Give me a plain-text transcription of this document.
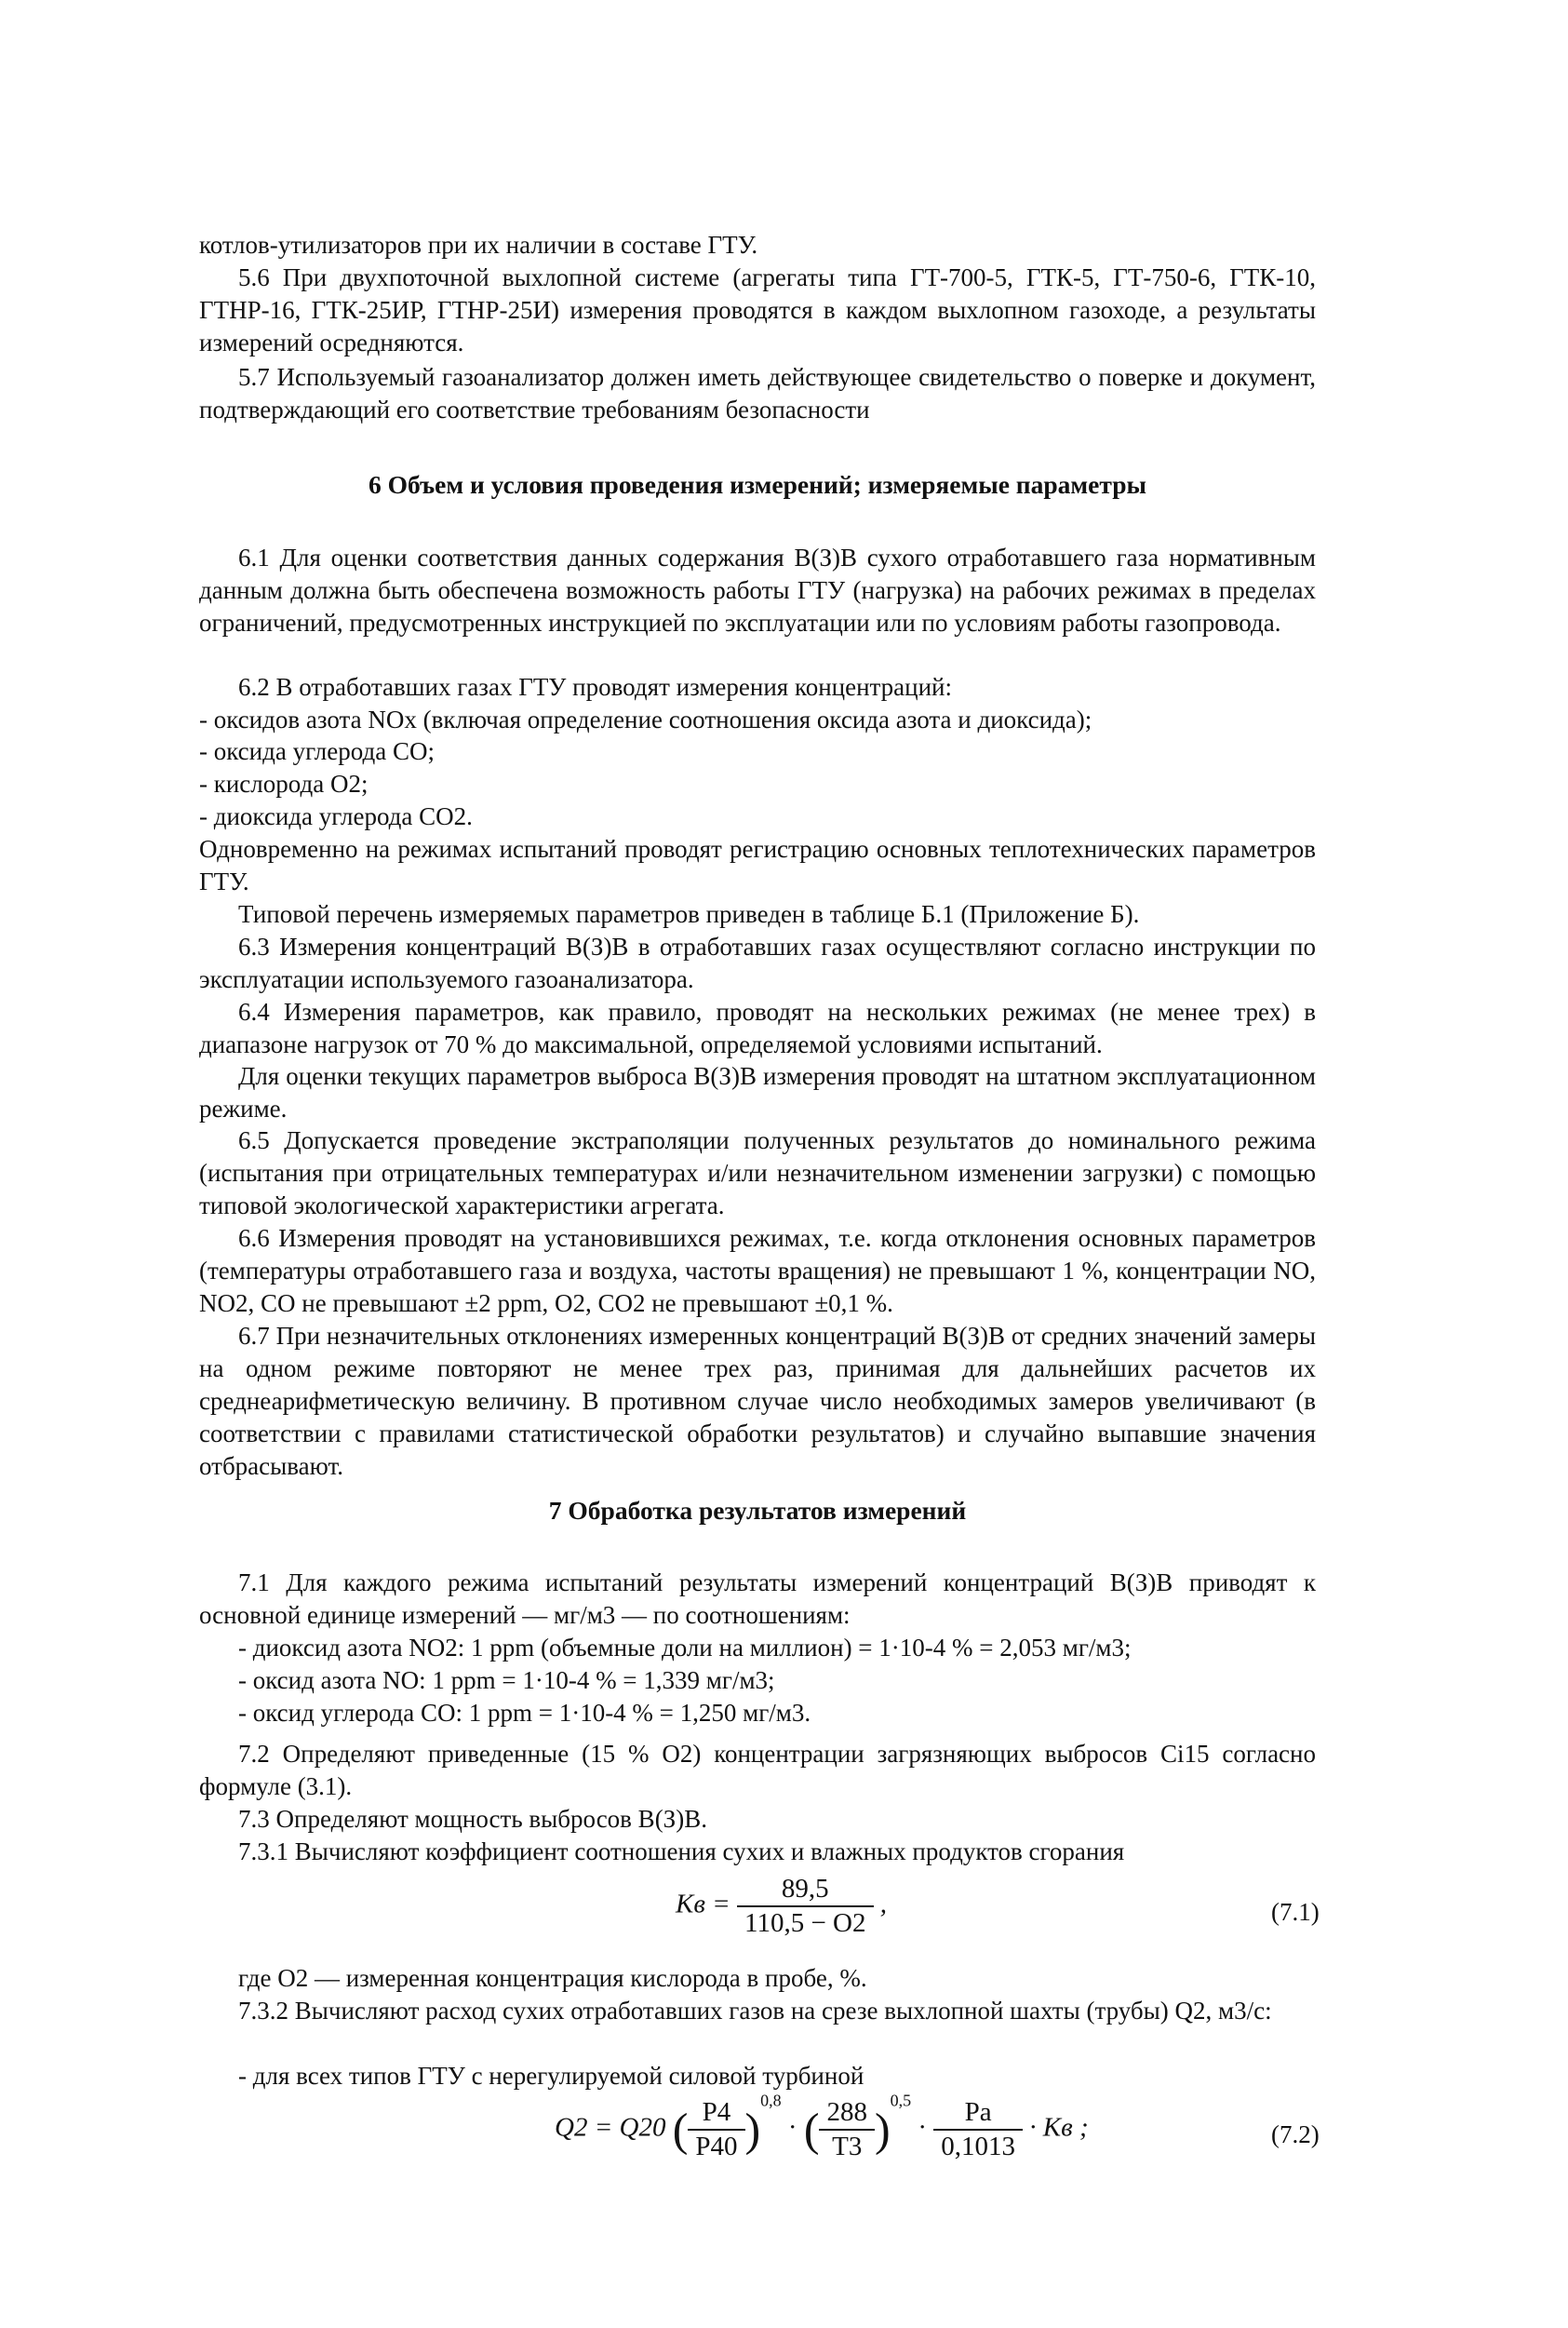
котлов-утилизаторов при их наличии в составе ГТУ.

5.6 При двухпоточной выхлопной системе (агрегаты типа ГТ-700-5, ГТК-5, ГТ-750-6, ГТК-10, ГТНР-16, ГТК-25ИР, ГТНР-25И) измерения проводятся в каждом выхлопном газоходе, а результаты измерений осредняются.

5.7 Используемый газоанализатор должен иметь действующее свидетельство о поверке и документ, подтверждающий его соответствие требованиям безопасности

6 Объем и условия проведения измерений; измеряемые параметры

6.1 Для оценки соответствия данных содержания В(З)В сухого отработавшего газа нормативным данным должна быть обеспечена возможность работы ГТУ (нагрузка) на рабочих режимах в пределах ограничений, предусмотренных инструкцией по эксплуатации или по условиям работы газопровода.

6.2 В отработавших газах ГТУ проводят измерения концентраций:

- оксидов азота NOx (включая определение соотношения оксида азота и диоксида);

- оксида углерода CO;

- кислорода O2;

- диоксида углерода CO2.

Одновременно на режимах испытаний проводят регистрацию основных теплотехнических параметров ГТУ.

Типовой перечень измеряемых параметров приведен в таблице Б.1 (Приложение Б).

6.3 Измерения концентраций В(З)В в отработавших газах осуществляют согласно инструкции по эксплуатации используемого газоанализатора.

6.4 Измерения параметров, как правило, проводят на нескольких режимах (не менее трех) в диапазоне нагрузок от 70 % до максимальной, определяемой условиями испытаний.

Для оценки текущих параметров выброса В(З)В измерения проводят на штатном эксплуатационном режиме.

6.5 Допускается проведение экстраполяции полученных результатов до номинального режима (испытания при отрицательных температурах и/или незначительном изменении загрузки) с помощью типовой экологической характеристики агрегата.

6.6 Измерения проводят на установившихся режимах, т.е. когда отклонения основных параметров (температуры отработавшего газа и воздуха, частоты вращения) не превышают 1 %, концентрации NO, NO2, CO не превышают ±2 ppm, O2, CO2 не превышают ±0,1 %.

6.7 При незначительных отклонениях измеренных концентраций В(З)В от средних значений замеры на одном режиме повторяют не менее трех раз, принимая для дальнейших расчетов их среднеарифметическую величину. В противном случае число необходимых замеров увеличивают (в соответствии с правилами статистической обработки результатов) и случайно выпавшие значения отбрасывают.

7 Обработка результатов измерений

7.1 Для каждого режима испытаний результаты измерений концентраций В(З)В приводят к основной единице измерений — мг/м3 — по соотношениям:

- диоксид азота NO2: 1 ppm (объемные доли на миллион) = 1·10-4 % = 2,053 мг/м3;

- оксид азота NO: 1 ppm = 1·10-4 % = 1,339 мг/м3;

- оксид углерода CO: 1 ppm = 1·10-4 % = 1,250 мг/м3.

7.2 Определяют приведенные (15 % O2) концентрации загрязняющих выбросов Ci15 согласно формуле (3.1).

7.3 Определяют мощность выбросов В(З)В.

7.3.1 Вычисляют коэффициент соотношения сухих и влажных продуктов сгорания

Kв = $\frac{89,5}{110,5 - O2}$ ,	(7.1)

где O2 — измеренная концентрация кислорода в пробе, %.

7.3.2 Вычисляют расход сухих отработавших газов на срезе выхлопной шахты (трубы) Q2, м3/с:

- для всех типов ГТУ с нерегулируемой силовой турбиной

Q2 = Q20 ( $\frac{P4}{P40} )^{0,8}$ · ( $\frac{288}{T3} )^{0,5} \cdot \frac{Pa}{0,1013}$ · Kв ;	(7.2)
